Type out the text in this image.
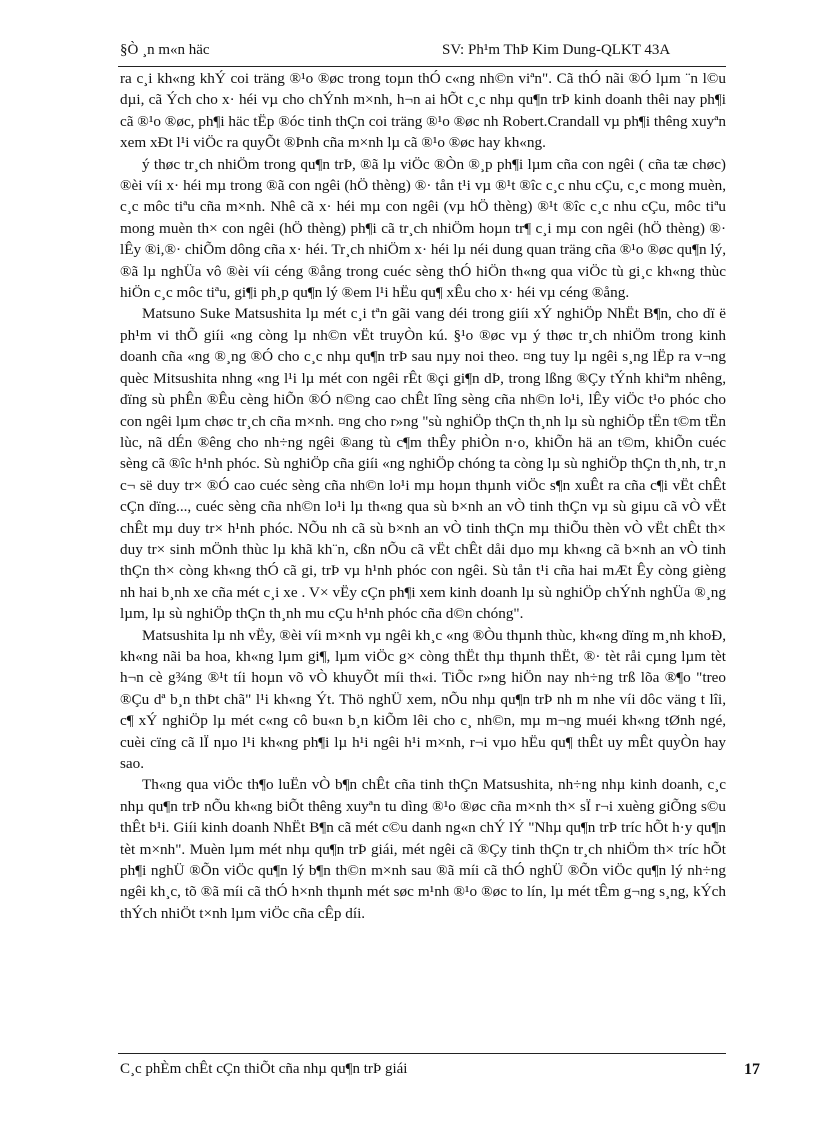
§Ò ¸n m«n häc	SV: Ph¹m ThÞ Kim Dung-QLKT 43A

ra c¸i kh«ng khÝ coi träng ®¹o ®øc trong toµn thÓ c«ng nh©n viªn". Cã thÓ nãi ®Ó lµm ¨n l©u dµi, cã Ých cho x· héi vµ cho chÝnh m×nh, h¬n ai hÕt c¸c nhµ qu¶n trÞ kinh doanh thêi nay ph¶i cã ®¹o ®øc, ph¶i häc tËp ®óc tinh thÇn coi träng ®¹o ®øc nh Robert.Crandall vµ ph¶i thêng xuyªn xem xÐt l¹i viÖc ra quyÕt ®Þnh cña m×nh lµ cã ®¹o ®øc hay kh«ng.

ý thøc tr¸ch nhiÖm trong qu¶n trÞ, ®ã lµ viÖc ®Òn ®¸p ph¶i lµm cña con ngêi ( cña tæ chøc) ®èi víi x· héi mµ trong ®ã con ngêi (hÖ thèng) ®· tån t¹i vµ ®¹t ®îc c¸c nhu cÇu, c¸c mong muèn, c¸c môc tiªu cña m×nh. Nhê cã x· héi mµ con ngêi (vµ hÖ thèng) ®¹t ®îc c¸c nhu cÇu, môc tiªu mong muèn th× con ngêi (hÖ thèng) ph¶i cã tr¸ch nhiÖm hoµn tr¶ c¸i mµ con ngêi (hÖ thèng) ®· lÊy ®i,®· chiÕm dông cña x· héi. Tr¸ch nhiÖm x· héi lµ néi dung quan träng cña ®¹o ®øc qu¶n lý, ®ã lµ nghÜa vô ®èi víi céng ®ång trong cuéc sèng thÓ hiÖn th«ng qua viÖc tù gi¸c kh«ng thùc hiÖn c¸c môc tiªu, gi¶i ph¸p qu¶n lý ®em l¹i hËu qu¶ xÊu cho x· héi vµ céng ®ång.

Matsuno Suke Matsushita lµ mét c¸i tªn gãi vang déi trong giíi xÝ nghiÖp NhËt B¶n, cho dï ë ph¹m vi thÕ giíi «ng còng lµ nh©n vËt truyÒn kú. §¹o ®øc vµ ý thøc tr¸ch nhiÖm trong kinh doanh cña «ng ®¸ng ®Ó cho c¸c nhµ qu¶n trÞ sau nµy noi theo. ¤ng tuy lµ ngêi s¸ng lËp ra v¬ng quèc Mitsushita nhng «ng l¹i lµ mét con ngêi rÊt ®çi gi¶n dÞ, trong lßng ®Çy tÝnh khiªm nhêng, dïng sù phÊn ®Êu cèng hiÕn ®Ó n©ng cao chÊt lîng sèng cña nh©n lo¹i, lÊy viÖc t¹o phóc cho con ngêi lµm chøc tr¸ch cña m×nh. ¤ng cho r»ng "sù nghiÖp thÇn th¸nh lµ sù nghiÖp tËn t©m tËn lùc, nã dÉn ®êng cho nh÷ng ngêi ®ang tù c¶m thÊy phiÒn n·o, khiÕn hä an t©m, khiÕn cuéc sèng cã ®îc h¹nh phóc. Sù nghiÖp cña giíi «ng nghiÖp chóng ta còng lµ sù nghiÖp thÇn th¸nh, tr¸n c¬ së duy tr× ®Ó cao cuéc sèng cña nh©n lo¹i mµ hoµn thµnh viÖc s¶n xuÊt ra cña c¶i vËt chÊt cÇn dïng..., cuéc sèng cña nh©n lo¹i lµ th«ng qua sù b×nh an vÒ tinh thÇn vµ sù giµu cã vÒ vËt chÊt mµ duy tr× h¹nh phóc. NÕu nh cã sù b×nh an vÒ tinh thÇn mµ thiÕu thèn vÒ vËt chÊt th× duy tr× sinh mÖnh thùc lµ khã kh¨n, cßn nÕu cã vËt chÊt dåi dµo mµ kh«ng cã b×nh an vÒ tinh thÇn th× còng kh«ng thÓ cã gi, trÞ vµ h¹nh phóc con ngêi. Sù tån t¹i cña hai mÆt Êy còng gièng nh hai b¸nh xe cña mét c¸i xe . V× vËy cÇn ph¶i xem kinh doanh lµ sù nghiÖp chÝnh nghÜa ®¸ng lµm, lµ sù nghiÖp thÇn th¸nh mu cÇu h¹nh phóc cña d©n chóng".

Matsushita lµ nh vËy, ®èi víi m×nh vµ ngêi kh¸c «ng ®Òu thµnh thùc, kh«ng dïng m¸nh khoÐ, kh«ng nãi ba hoa, kh«ng lµm gi¶, lµm viÖc g× còng thËt thµ thµnh thËt, ®· tèt råi cµng lµm tèt h¬n cè g¾ng ®¹t tíi hoµn võ vÒ khuyÕt míi th«i. TiÕc r»ng hiÖn nay nh÷ng trß lõa ®¶o "treo ®Çu dª b¸n thÞt chã" l¹i kh«ng Ýt. Thö nghÜ xem, nÕu nhµ qu¶n trÞ nh m nhe víi dôc väng t lîi, c¶ xÝ nghiÖp lµ mét c«ng cô bu«n b¸n kiÕm lêi cho c¸ nh©n, mµ m¬ng muéi kh«ng tØnh ngé, cuèi cïng cã lÏ nµo l¹i kh«ng ph¶i lµ h¹i ngêi h¹i m×nh, r¬i vµo hËu qu¶ thÊt uy mÊt quyÒn hay sao.

Th«ng qua viÖc th¶o luËn vÒ b¶n chÊt cña tinh thÇn Matsushita, nh÷ng nhµ kinh doanh, c¸c nhµ qu¶n trÞ nÕu kh«ng biÕt thêng xuyªn tu dìng ®¹o ®øc cña m×nh th× sÏ r¬i xuèng giÕng s©u thÊt b¹i. Giíi kinh doanh NhËt B¶n cã mét c©u danh ng«n chÝ lÝ "Nhµ qu¶n trÞ tríc hÕt h·y qu¶n tèt m×nh". Muèn lµm mét nhµ qu¶n trÞ giái, mét ngêi cã ®Çy tinh thÇn tr¸ch nhiÖm th× tríc hÕt ph¶i nghÜ ®Õn viÖc qu¶n lý b¶n th©n m×nh sau ®ã míi cã thÓ nghÜ ®Õn viÖc qu¶n lý nh÷ng ngêi kh¸c, tõ ®ã míi cã thÓ h×nh thµnh mét søc m¹nh ®¹o ®øc to lín, lµ mét tÊm g¬ng s¸ng, kÝch thÝch nhiÖt t×nh lµm viÖc cña cÊp díi.

C¸c phÈm chÊt cÇn thiÕt cña nhµ qu¶n trÞ giái	17
